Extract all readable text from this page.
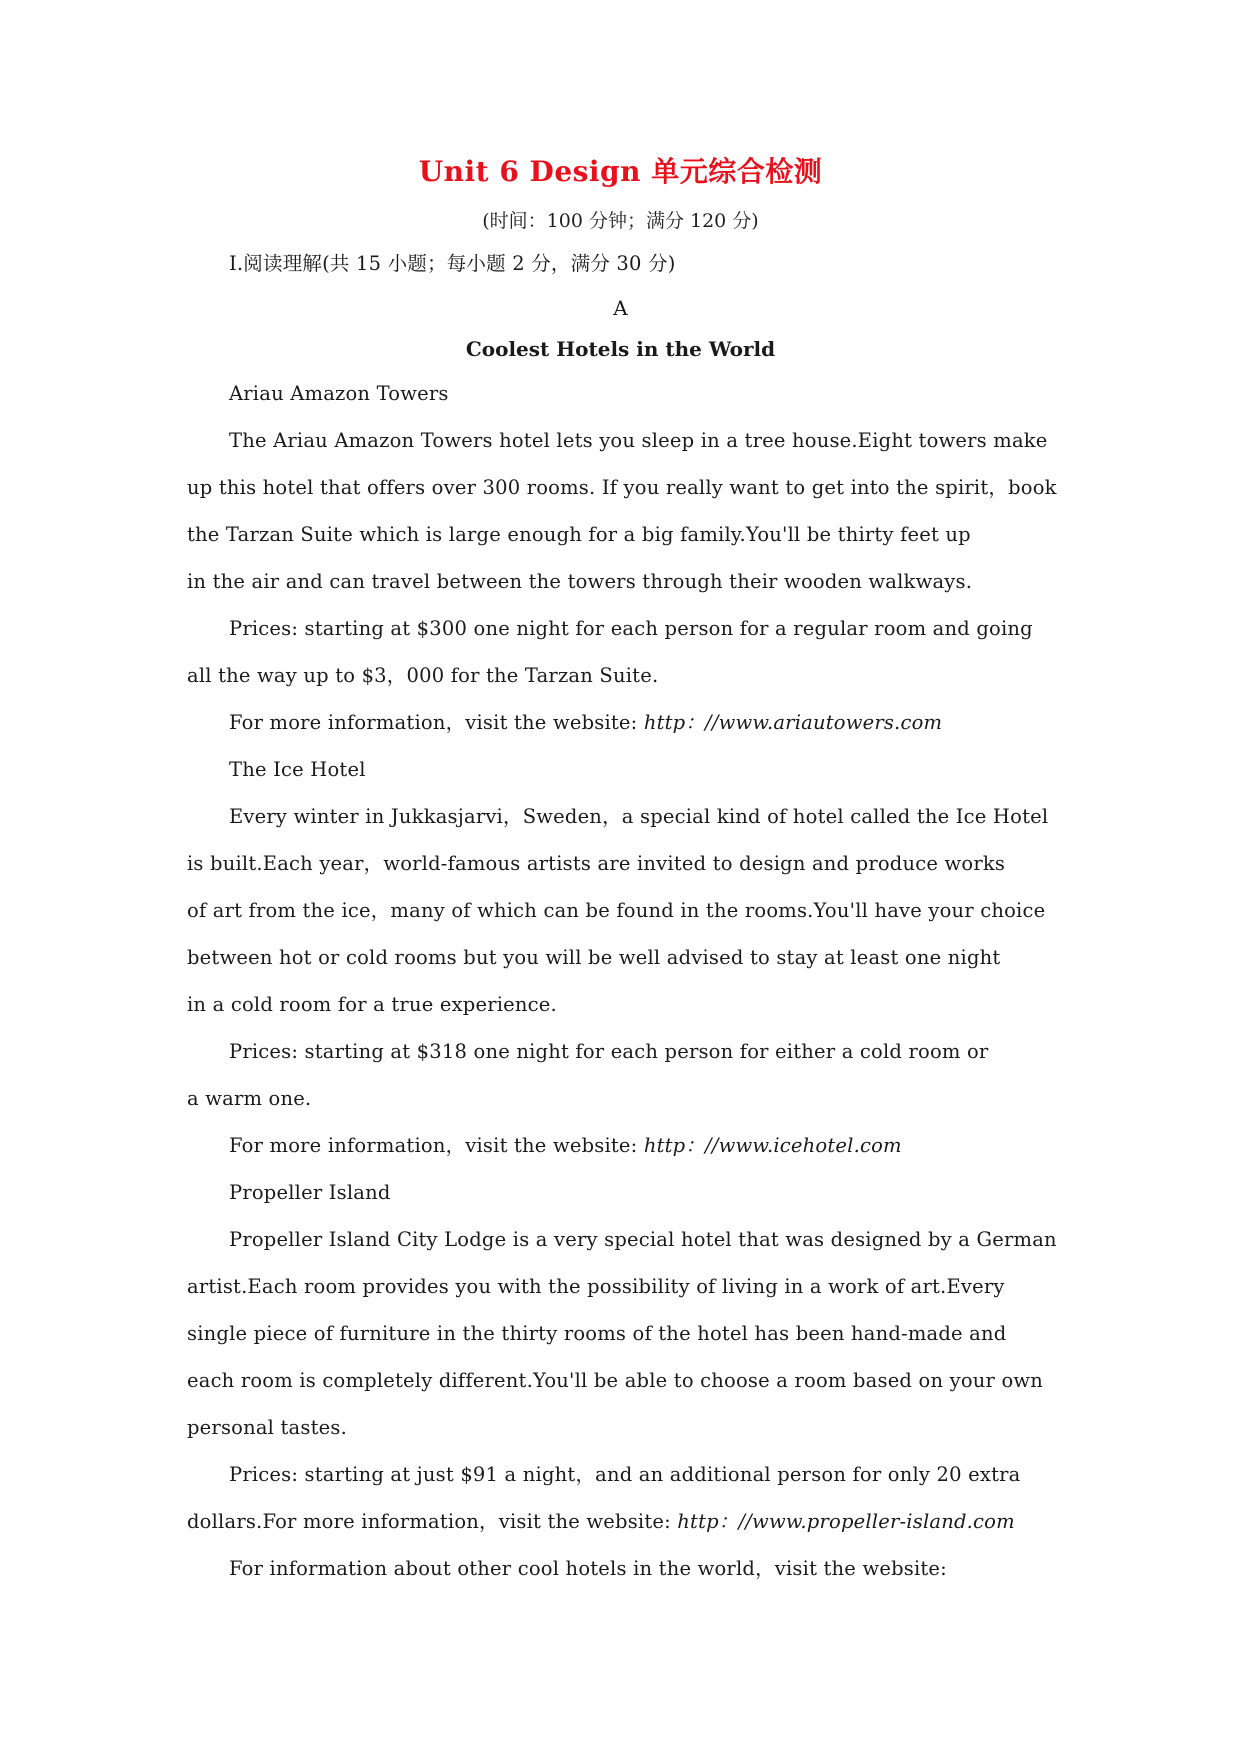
Unit 6 Design 单元综合检测
(时间：100 分钟；满分 120 分)
Ⅰ.阅读理解(共 15 小题；每小题 2 分，满分 30 分)
A
Coolest Hotels in the World
Ariau Amazon Towers
The Ariau Amazon Towers hotel lets you sleep in a tree house.Eight towers make
up this hotel that offers over 300 rooms. If you really want to get into the spirit，book
the Tarzan Suite which is large enough for a big family.You'll be thirty feet up
in the air and can travel between the towers through their wooden walkways.
Prices: starting at $300 one night for each person for a regular room and going
all the way up to $3，000 for the Tarzan Suite.
For more information，visit the website: http：//www.ariautowers.com
The Ice Hotel
Every winter in Jukkasjarvi，Sweden，a special kind of hotel called the Ice Hotel
is built.Each year，world-famous artists are invited to design and produce works
of art from the ice，many of which can be found in the rooms.You'll have your choice
between hot or cold rooms but you will be well advised to stay at least one night
in a cold room for a true experience.
Prices: starting at $318 one night for each person for either a cold room or
a warm one.
For more information，visit the website: http：//www.icehotel.com
Propeller Island
Propeller Island City Lodge is a very special hotel that was designed by a German
artist.Each room provides you with the possibility of living in a work of art.Every
single piece of furniture in the thirty rooms of the hotel has been hand-made and
each room is completely different.You'll be able to choose a room based on your own
personal tastes.
Prices: starting at just $91 a night，and an additional person for only 20 extra
dollars.For more information，visit the website: http：//www.propeller-island.com
For information about other cool hotels in the world，visit the website:
